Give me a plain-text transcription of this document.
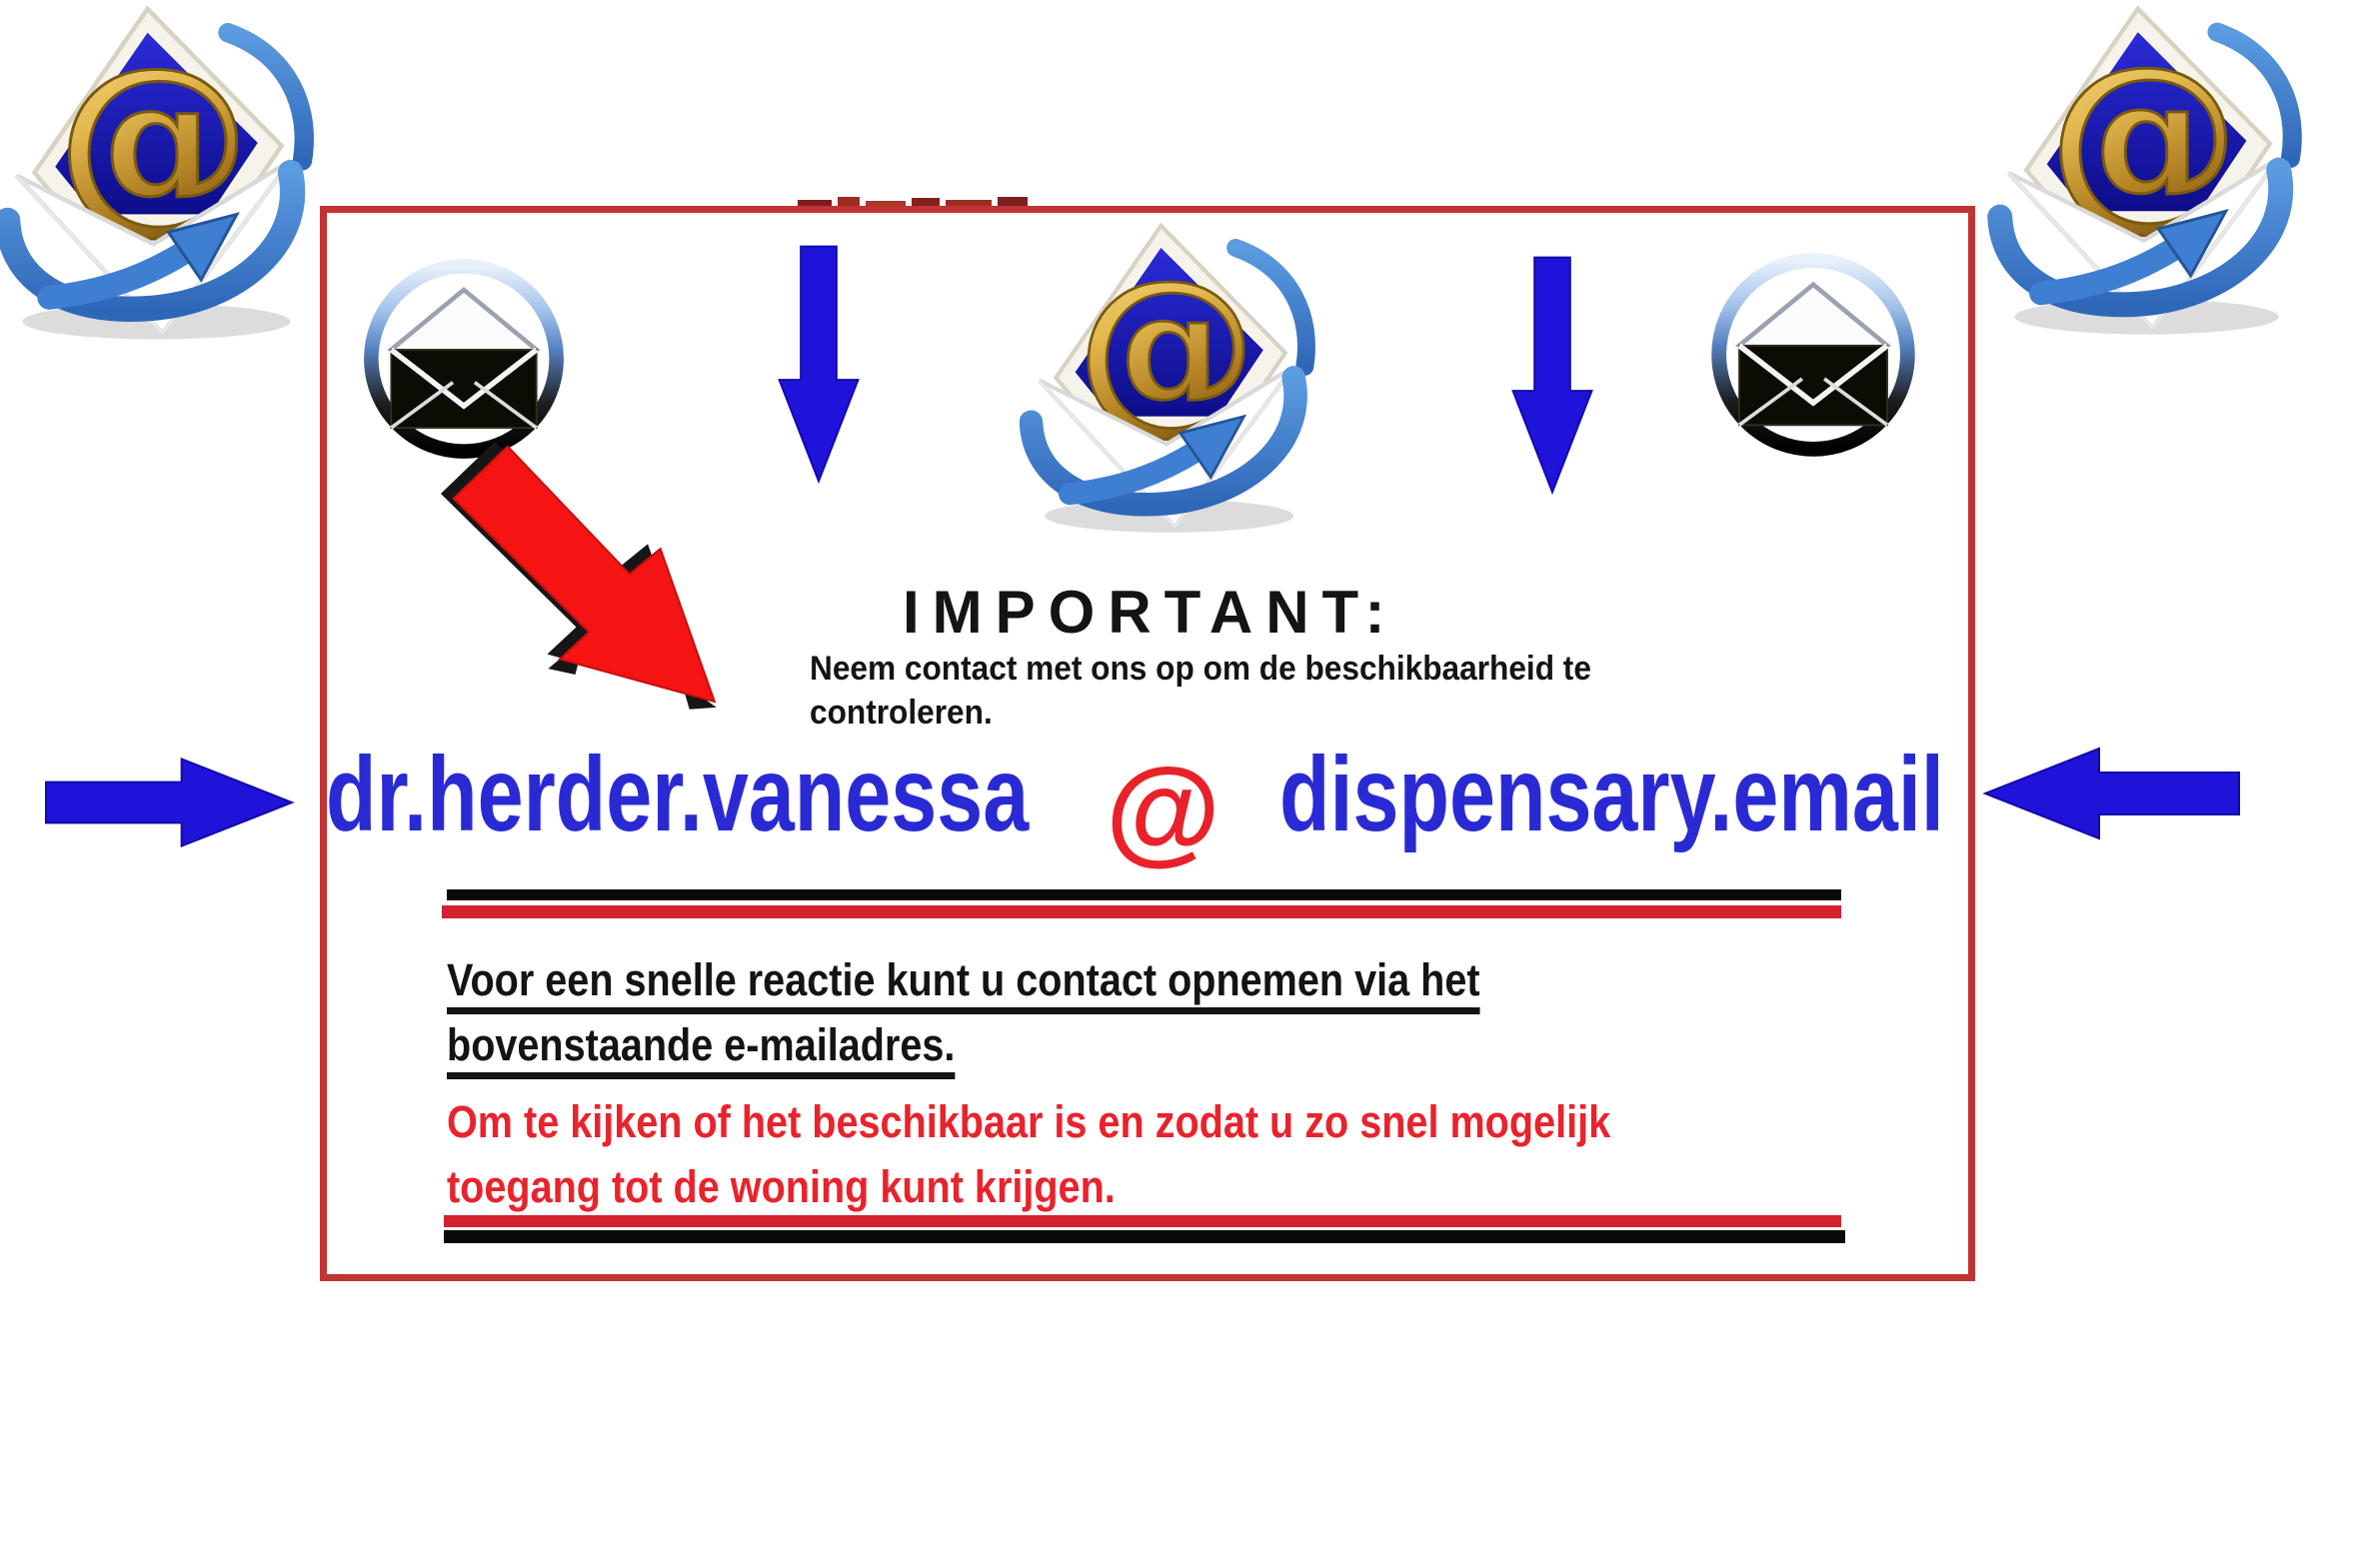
IMPORTANT:
Neem contact met ons op om de beschikbaarheid te controleren.
dr.herder.vanessa @ dispensary.email
Voor een snelle reactie kunt u contact opnemen via het bovenstaande e-mailadres.
Om te kijken of het beschikbaar is en zodat u zo snel mogelijk toegang tot de woning kunt krijgen.
